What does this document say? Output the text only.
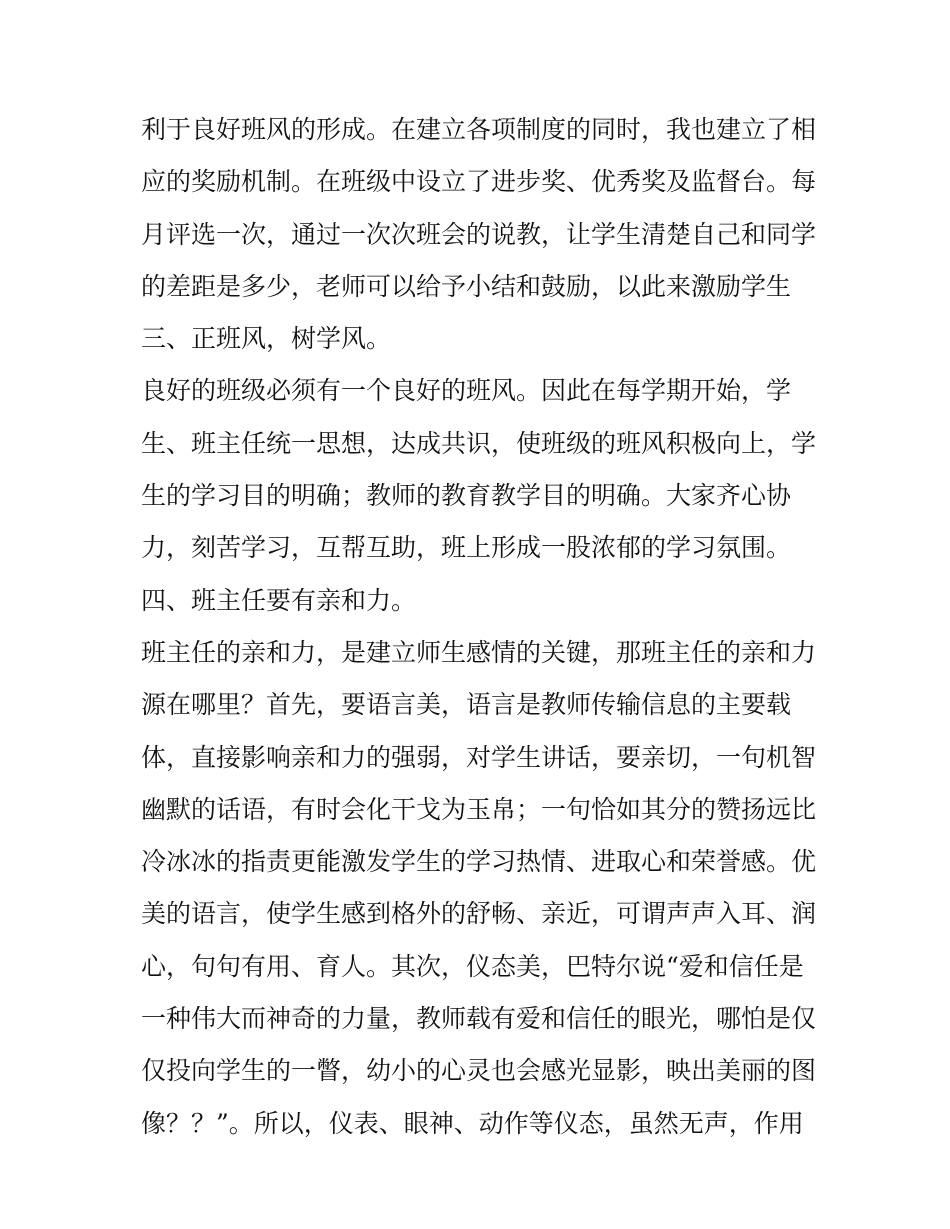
利于良好班风的形成。在建立各项制度的同时，我也建立了相
应的奖励机制。在班级中设立了进步奖、优秀奖及监督台。每
月评选一次，通过一次次班会的说教，让学生清楚自己和同学
的差距是多少，老师可以给予小结和鼓励，以此来激励学生
三、正班风，树学风。
良好的班级必须有一个良好的班风。因此在每学期开始，学
生、班主任统一思想，达成共识，使班级的班风积极向上，学
生的学习目的明确；教师的教育教学目的明确。大家齐心协
力，刻苦学习，互帮互助，班上形成一股浓郁的学习氛围。
四、班主任要有亲和力。
班主任的亲和力，是建立师生感情的关键，那班主任的亲和力
源在哪里？首先，要语言美，语言是教师传输信息的主要载
体，直接影响亲和力的强弱，对学生讲话，要亲切，一句机智
幽默的话语，有时会化干戈为玉帛；一句恰如其分的赞扬远比
冷冰冰的指责更能激发学生的学习热情、进取心和荣誉感。优
美的语言，使学生感到格外的舒畅、亲近，可谓声声入耳、润
心，句句有用、育人。其次，仪态美，巴特尔说“爱和信任是
一种伟大而神奇的力量，教师载有爱和信任的眼光，哪怕是仅
仅投向学生的一瞥，幼小的心灵也会感光显影，映出美丽的图
像？？”。所以，仪表、眼神、动作等仪态，虽然无声，作用
